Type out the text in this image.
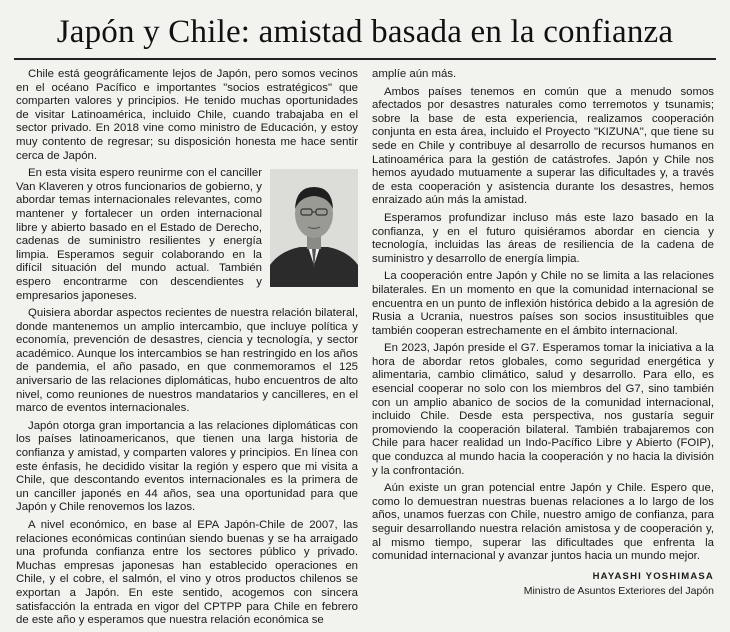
Japón y Chile: amistad basada en la confianza

Chile está geográficamente lejos de Japón, pero somos vecinos en el océano Pacífico e importantes "socios estratégicos" que comparten valores y principios. He tenido muchas oportunidades de visitar Latinoamérica, incluido Chile, cuando trabajaba en el sector privado. En 2018 vine como ministro de Educación, y estoy muy contento de regresar; su disposición honesta me hace sentir cerca de Japón.

En esta visita espero reunirme con el canciller Van Klaveren y otros funcionarios de gobierno, y abordar temas internacionales relevantes, como mantener y fortalecer un orden internacional libre y abierto basado en el Estado de Derecho, cadenas de suministro resilientes y energía limpia. Esperamos seguir colaborando en la difícil situación del mundo actual. También espero encontrarme con descendientes y empresarios japoneses.

Quisiera abordar aspectos recientes de nuestra relación bilateral, donde mantenemos un amplio intercambio, que incluye política y economía, prevención de desastres, ciencia y tecnología, y sector académico. Aunque los intercambios se han restringido en los años de pandemia, el año pasado, en que conmemoramos el 125 aniversario de las relaciones diplomáticas, hubo encuentros de alto nivel, como reuniones de nuestros mandatarios y cancilleres, en el marco de eventos internacionales.

Japón otorga gran importancia a las relaciones diplomáticas con los países latinoamericanos, que tienen una larga historia de confianza y amistad, y comparten valores y principios. En línea con este énfasis, he decidido visitar la región y espero que mi visita a Chile, que descontando eventos internacionales es la primera de un canciller japonés en 44 años, sea una oportunidad para que Japón y Chile renovemos los lazos.

A nivel económico, en base al EPA Japón-Chile de 2007, las relaciones económicas continúan siendo buenas y se ha arraigado una profunda confianza entre los sectores público y privado. Muchas empresas japonesas han establecido operaciones en Chile, y el cobre, el salmón, el vino y otros productos chilenos se exportan a Japón. En este sentido, acogemos con sincera satisfacción la entrada en vigor del CPTPP para Chile en febrero de este año y esperamos que nuestra relación económica se

amplíe aún más.

Ambos países tenemos en común que a menudo somos afectados por desastres naturales como terremotos y tsunamis; sobre la base de esta experiencia, realizamos cooperación conjunta en esta área, incluido el Proyecto "KIZUNA", que tiene su sede en Chile y contribuye al desarrollo de recursos humanos en Latinoamérica para la gestión de catástrofes. Japón y Chile nos hemos ayudado mutuamente a superar las dificultades y, a través de esta cooperación y asistencia durante los desastres, hemos enraizado aún más la amistad.

Esperamos profundizar incluso más este lazo basado en la confianza, y en el futuro quisiéramos abordar en ciencia y tecnología, incluidas las áreas de resiliencia de la cadena de suministro y desarrollo de energía limpia.

La cooperación entre Japón y Chile no se limita a las relaciones bilaterales. En un momento en que la comunidad internacional se encuentra en un punto de inflexión histórica debido a la agresión de Rusia a Ucrania, nuestros países son socios insustituibles que también cooperan estrechamente en el ámbito internacional.

En 2023, Japón preside el G7. Esperamos tomar la iniciativa a la hora de abordar retos globales, como seguridad energética y alimentaria, cambio climático, salud y desarrollo. Para ello, es esencial cooperar no solo con los miembros del G7, sino también con un amplio abanico de socios de la comunidad internacional, incluido Chile. Desde esta perspectiva, nos gustaría seguir promoviendo la cooperación bilateral. También trabajaremos con Chile para hacer realidad un Indo-Pacífico Libre y Abierto (FOIP), que conduzca al mundo hacia la cooperación y no hacia la división y la confrontación.

Aún existe un gran potencial entre Japón y Chile. Espero que, como lo demuestran nuestras buenas relaciones a lo largo de los años, unamos fuerzas con Chile, nuestro amigo de confianza, para seguir desarrollando nuestra relación amistosa y de cooperación y, al mismo tiempo, superar las dificultades que enfrenta la comunidad internacional y avanzar juntos hacia un mundo mejor.

HAYASHI YOSHIMASA
Ministro de Asuntos Exteriores del Japón
